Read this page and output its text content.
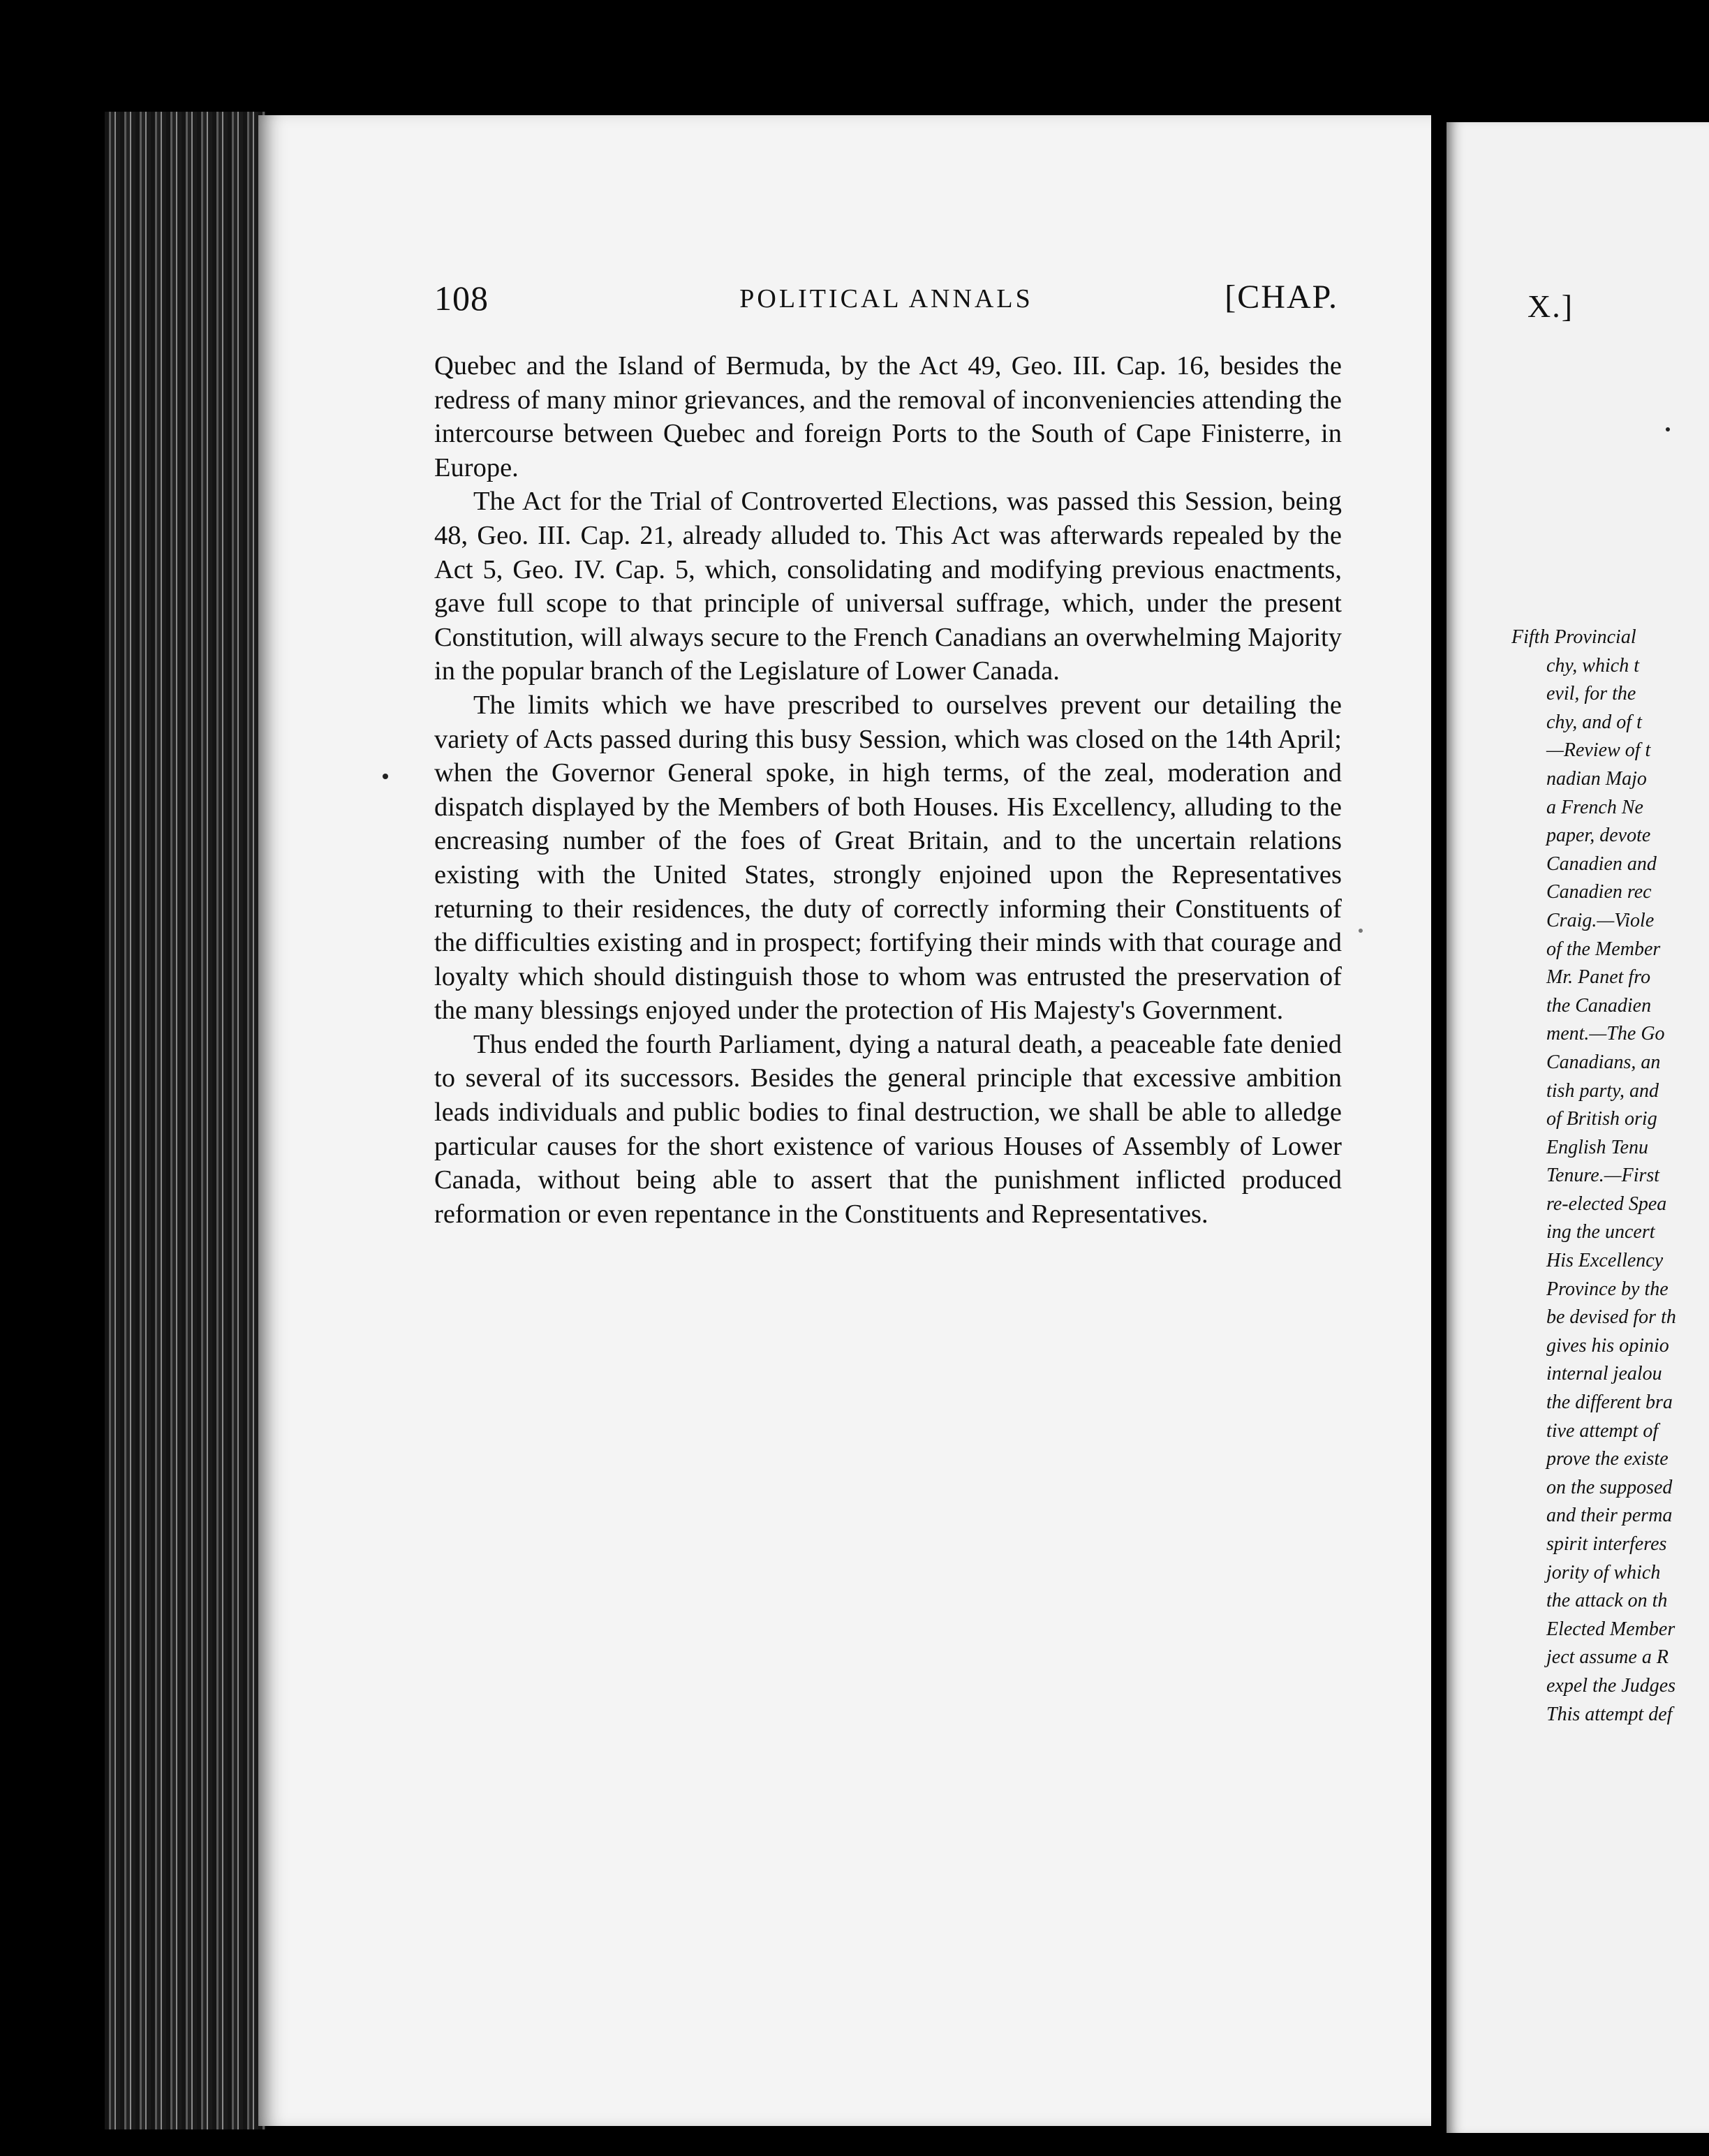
108	POLITICAL ANNALS	[CHAP.

Quebec and the Island of Bermuda, by the Act 49, Geo. III. Cap. 16, besides the redress of many minor grievances, and the removal of inconveniencies attending the intercourse between Quebec and foreign Ports to the South of Cape Finisterre, in Europe.

The Act for the Trial of Controverted Elections, was passed this Session, being 48, Geo. III. Cap. 21, already alluded to. This Act was afterwards repealed by the Act 5, Geo. IV. Cap. 5, which, consolidating and modifying previous enactments, gave full scope to that principle of universal suffrage, which, under the present Constitution, will always secure to the French Canadians an overwhelming Majority in the popular branch of the Legislature of Lower Canada.

The limits which we have prescribed to ourselves prevent our detailing the variety of Acts passed during this busy Session, which was closed on the 14th April; when the Governor General spoke, in high terms, of the zeal, moderation and dispatch displayed by the Members of both Houses. His Excellency, alluding to the encreasing number of the foes of Great Britain, and to the uncertain relations existing with the United States, strongly enjoined upon the Representatives returning to their residences, the duty of correctly informing their Constituents of the difficulties existing and in prospect; fortifying their minds with that courage and loyalty which should distinguish those to whom was entrusted the preservation of the many blessings enjoyed under the protection of His Majesty's Government.

Thus ended the fourth Parliament, dying a natural death, a peaceable fate denied to several of its successors. Besides the general principle that excessive ambition leads individuals and public bodies to final destruction, we shall be able to alledge particular causes for the short existence of various Houses of Assembly of Lower Canada, without being able to assert that the punishment inflicted produced reformation or even repentance in the Constituents and Representatives.

X.]
Fifth Provincial
chy, which t
evil, for the
chy, and of t
—Review of t
nadian Majo
a French Ne
paper, devote
Canadien and
Canadien rec
Craig.—Viole
of the Member
Mr. Panet fro
the Canadien
ment.—The Go
Canadians, an
tish party, and
of British orig
English Tenu
Tenure.—First
re-elected Spea
ing the uncert
His Excellency
Province by the
be devised for th
gives his opinio
internal jealou
the different bra
tive attempt of
prove the existe
on the supposed
and their perma
spirit interferes
jority of which
the attack on th
Elected Member
ject assume a R
expel the Judges
This attempt def
